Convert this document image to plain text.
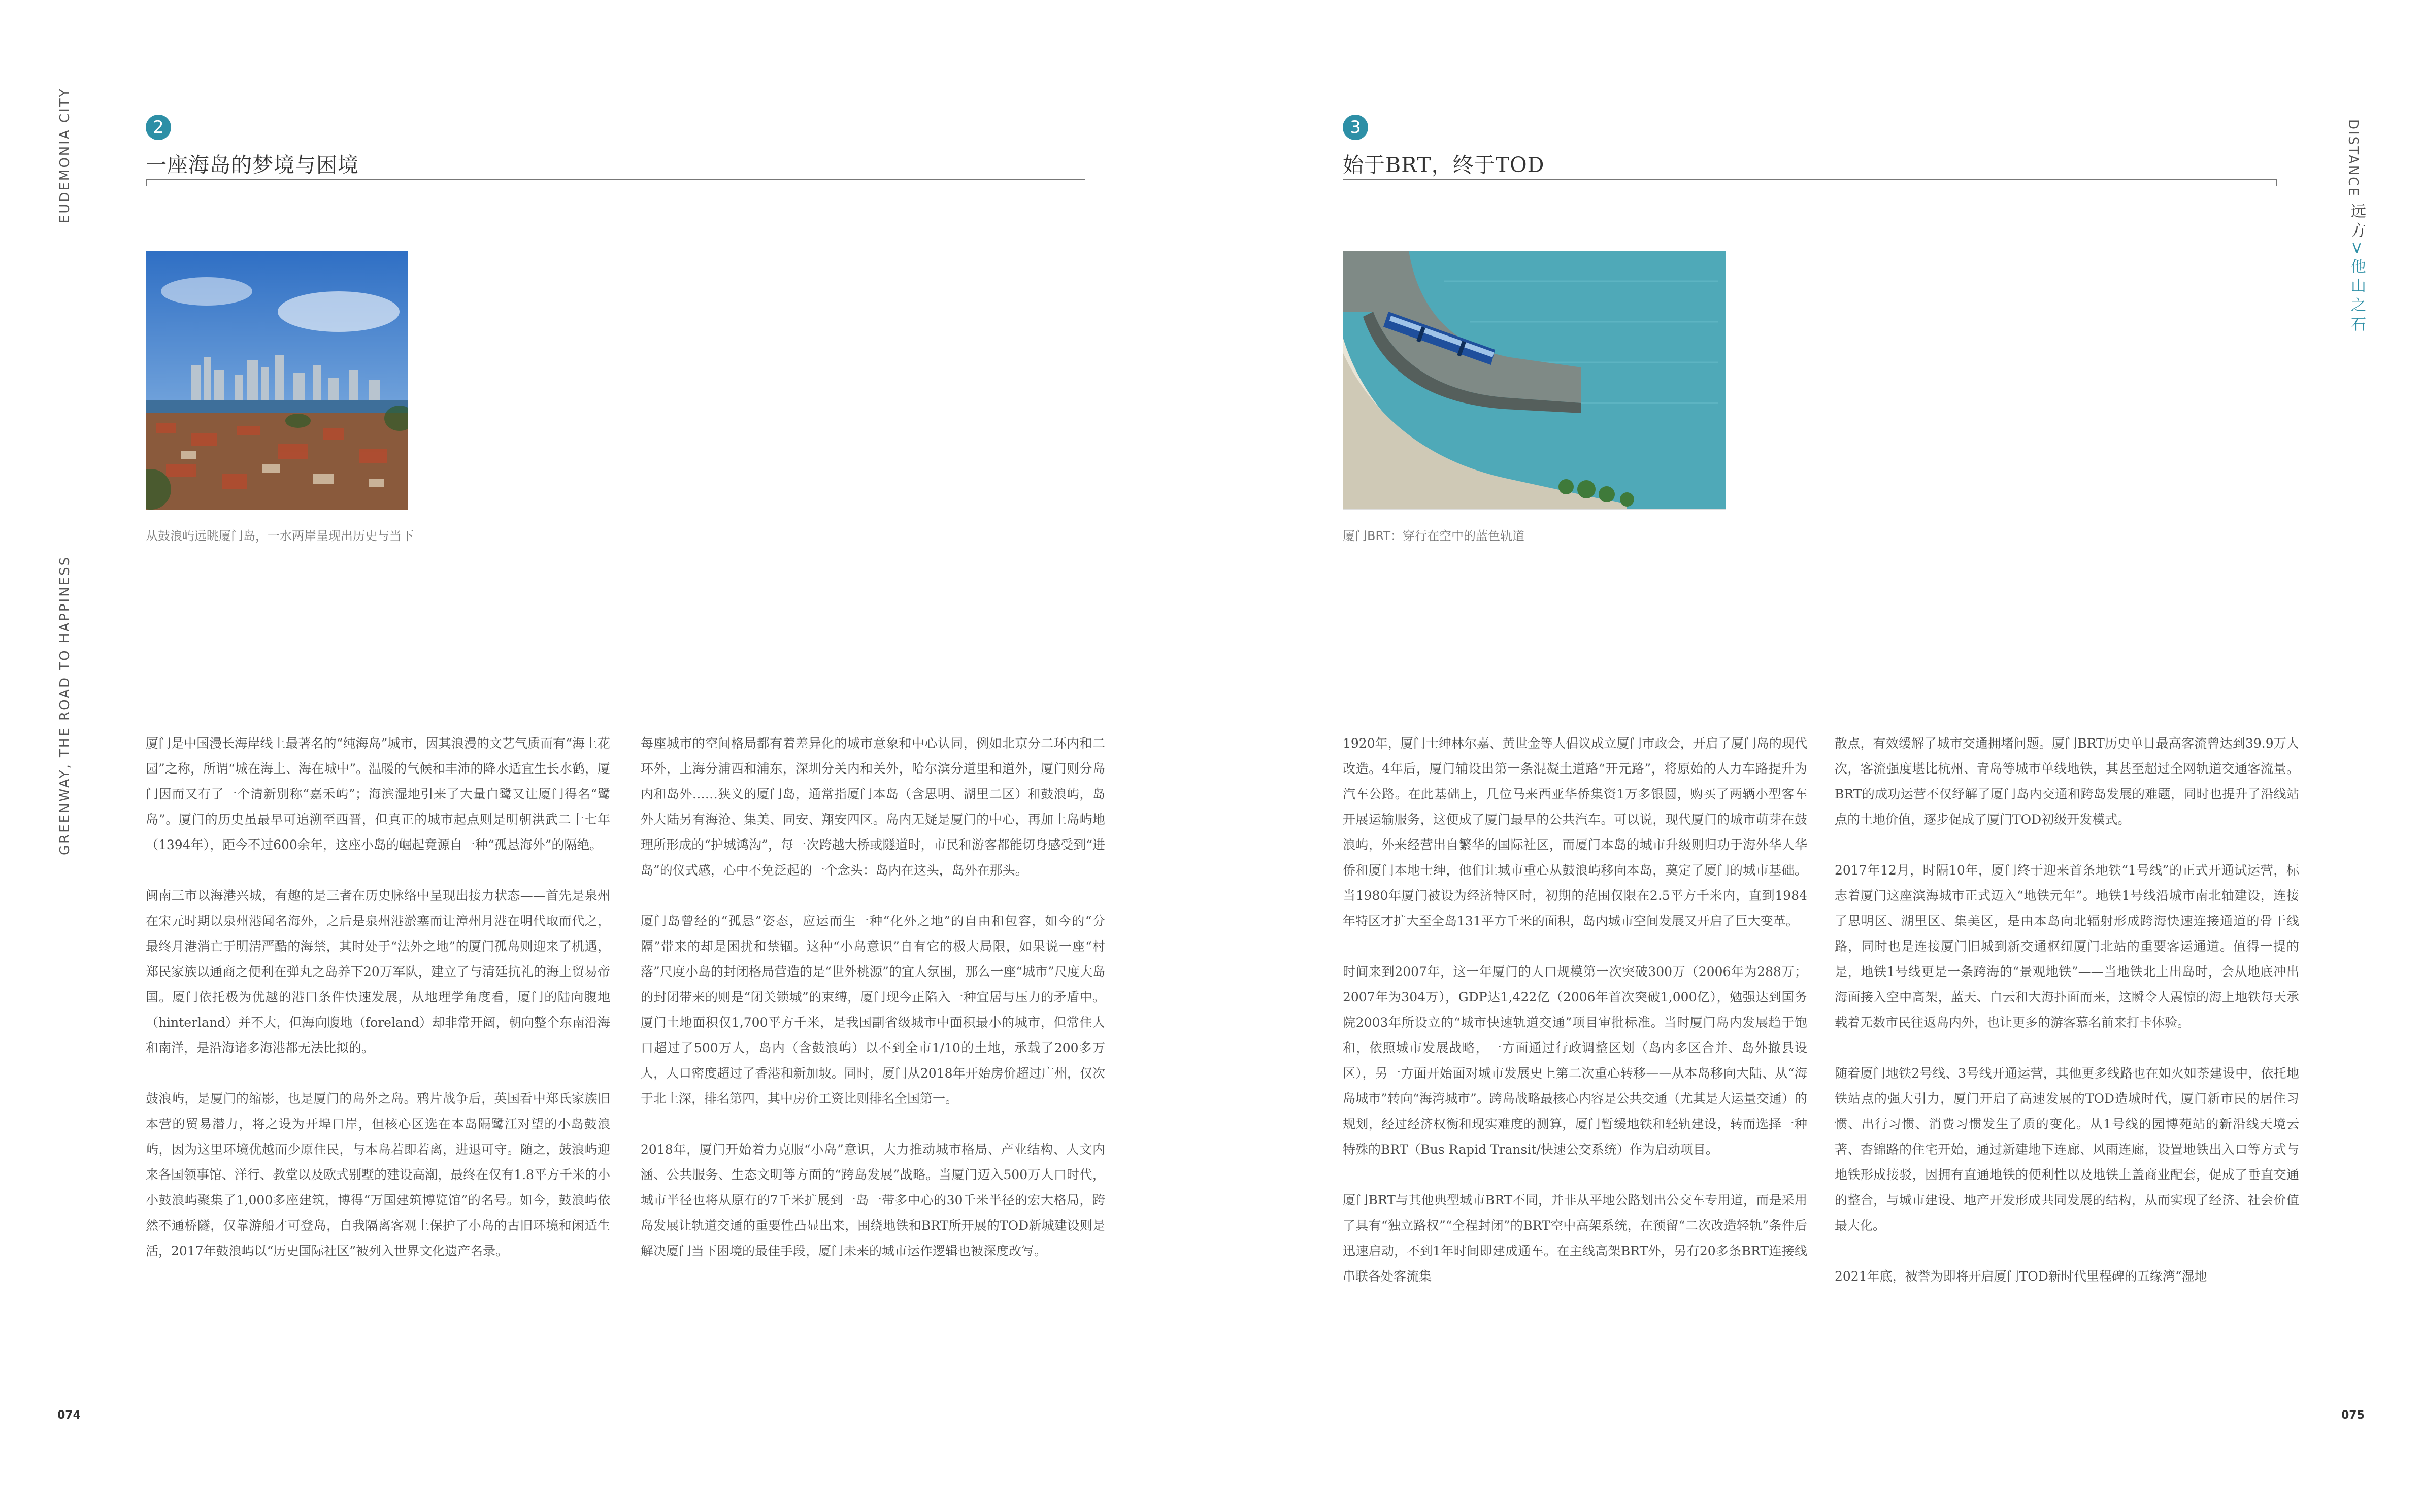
EUDEMONIA CITY
GREENWAY, THE ROAD TO HAPPINESS
2
一座海岛的梦境与困境
从鼓浪屿远眺厦门岛，一水两岸呈现出历史与当下

厦门是中国漫长海岸线上最著名的“纯海岛”城市，因其浪漫的文艺气质而有“海上花园”之称，所谓“城在海上、海在城中”。温暖的气候和丰沛的降水适宜生长水鹤，厦门因而又有了一个清新别称“嘉禾屿”；海滨湿地引来了大量白鹭又让厦门得名“鹭岛”。厦门的历史虽最早可追溯至西晋，但真正的城市起点则是明朝洪武二十七年（1394年），距今不过600余年，这座小岛的崛起竟源自一种“孤悬海外”的隔绝。

闽南三市以海港兴城，有趣的是三者在历史脉络中呈现出接力状态——首先是泉州在宋元时期以泉州港闻名海外，之后是泉州港淤塞而让漳州月港在明代取而代之，最终月港消亡于明清严酷的海禁，其时处于“法外之地”的厦门孤岛则迎来了机遇，郑民家族以通商之便利在弹丸之岛养下20万军队，建立了与清廷抗礼的海上贸易帝国。厦门依托极为优越的港口条件快速发展，从地理学角度看，厦门的陆向腹地（hinterland）并不大，但海向腹地（foreland）却非常开阔，朝向整个东南沿海和南洋，是沿海诸多海港都无法比拟的。

鼓浪屿，是厦门的缩影，也是厦门的岛外之岛。鸦片战争后，英国看中郑氏家族旧本营的贸易潜力，将之设为开埠口岸，但核心区选在本岛隔鹭江对望的小岛鼓浪屿，因为这里环境优越而少原住民，与本岛若即若离，进退可守。随之，鼓浪屿迎来各国领事馆、洋行、教堂以及欧式别墅的建设高潮，最终在仅有1.8平方千米的小小鼓浪屿聚集了1,000多座建筑，博得“万国建筑博览馆”的名号。如今，鼓浪屿依然不通桥隧，仅靠游船才可登岛，自我隔离客观上保护了小岛的古旧环境和闲适生活，2017年鼓浪屿以“历史国际社区”被列入世界文化遗产名录。

每座城市的空间格局都有着差异化的城市意象和中心认同，例如北京分二环内和二环外，上海分浦西和浦东，深圳分关内和关外，哈尔滨分道里和道外，厦门则分岛内和岛外……狭义的厦门岛，通常指厦门本岛（含思明、湖里二区）和鼓浪屿，岛外大陆另有海沧、集美、同安、翔安四区。岛内无疑是厦门的中心，再加上岛屿地理所形成的“护城鸿沟”，每一次跨越大桥或隧道时，市民和游客都能切身感受到“进岛”的仪式感，心中不免泛起的一个念头：岛内在这头，岛外在那头。

厦门岛曾经的“孤悬”姿态，应运而生一种“化外之地”的自由和包容，如今的“分隔”带来的却是困扰和禁锢。这种“小岛意识”自有它的极大局限，如果说一座“村落”尺度小岛的封闭格局营造的是“世外桃源”的宜人氛围，那么一座“城市”尺度大岛的封闭带来的则是“闭关锁城”的束缚，厦门现今正陷入一种宜居与压力的矛盾中。厦门土地面积仅1,700平方千米，是我国副省级城市中面积最小的城市，但常住人口超过了500万人，岛内（含鼓浪屿）以不到全市1/10的土地，承载了200多万人，人口密度超过了香港和新加坡。同时，厦门从2018年开始房价超过广州，仅次于北上深，排名第四，其中房价工资比则排名全国第一。

2018年，厦门开始着力克服“小岛”意识，大力推动城市格局、产业结构、人文内涵、公共服务、生态文明等方面的“跨岛发展”战略。当厦门迈入500万人口时代，城市半径也将从原有的7千米扩展到一岛一带多中心的30千米半径的宏大格局，跨岛发展让轨道交通的重要性凸显出来，围绕地铁和BRT所开展的TOD新城建设则是解决厦门当下困境的最佳手段，厦门未来的城市运作逻辑也被深度改写。

074
3
始于BRT，终于TOD
厦门BRT：穿行在空中的蓝色轨道

1920年，厦门士绅林尔嘉、黄世金等人倡议成立厦门市政会，开启了厦门岛的现代改造。4年后，厦门辅设出第一条混凝土道路“开元路”，将原始的人力车路提升为汽车公路。在此基础上，几位马来西亚华侨集资1万多银圆，购买了两辆小型客车开展运输服务，这便成了厦门最早的公共汽车。可以说，现代厦门的城市萌芽在鼓浪屿，外来经营出自繁华的国际社区，而厦门本岛的城市升级则归功于海外华人华侨和厦门本地士绅，他们让城市重心从鼓浪屿移向本岛，奠定了厦门的城市基础。当1980年厦门被设为经济特区时，初期的范围仅限在2.5平方千米内，直到1984年特区才扩大至全岛131平方千米的面积，岛内城市空间发展又开启了巨大变革。

时间来到2007年，这一年厦门的人口规模第一次突破300万（2006年为288万；2007年为304万），GDP达1,422亿（2006年首次突破1,000亿），勉强达到国务院2003年所设立的“城市快速轨道交通”项目审批标准。当时厦门岛内发展趋于饱和，依照城市发展战略，一方面通过行政调整区划（岛内多区合并、岛外撤县设区），另一方面开始面对城市发展史上第二次重心转移——从本岛移向大陆、从“海岛城市”转向“海湾城市”。跨岛战略最核心内容是公共交通（尤其是大运量交通）的规划，经过经济权衡和现实难度的测算，厦门暂缓地铁和轻轨建设，转而选择一种特殊的BRT（Bus Rapid Transit/快速公交系统）作为启动项目。

厦门BRT与其他典型城市BRT不同，并非从平地公路划出公交车专用道，而是采用了具有“独立路权”“全程封闭”的BRT空中高架系统，在预留“二次改造轻轨”条件后迅速启动，不到1年时间即建成通车。在主线高架BRT外，另有20多条BRT连接线串联各处客流集

散点，有效缓解了城市交通拥堵问题。厦门BRT历史单日最高客流曾达到39.9万人次，客流强度堪比杭州、青岛等城市单线地铁，其甚至超过全网轨道交通客流量。BRT的成功运营不仅纾解了厦门岛内交通和跨岛发展的难题，同时也提升了沿线站点的土地价值，逐步促成了厦门TOD初级开发模式。

2017年12月，时隔10年，厦门终于迎来首条地铁“1号线”的正式开通试运营，标志着厦门这座滨海城市正式迈入“地铁元年”。地铁1号线沿城市南北轴建设，连接了思明区、湖里区、集美区，是由本岛向北辐射形成跨海快速连接通道的骨干线路，同时也是连接厦门旧城到新交通枢纽厦门北站的重要客运通道。值得一提的是，地铁1号线更是一条跨海的“景观地铁”——当地铁北上出岛时，会从地底冲出海面接入空中高架，蓝天、白云和大海扑面而来，这瞬令人震惊的海上地铁每天承载着无数市民往返岛内外，也让更多的游客慕名前来打卡体验。

随着厦门地铁2号线、3号线开通运营，其他更多线路也在如火如荼建设中，依托地铁站点的强大引力，厦门开启了高速发展的TOD造城时代，厦门新市民的居住习惯、出行习惯、消费习惯发生了质的变化。从1号线的园博苑站的新沿线天境云著、杏锦路的住宅开始，通过新建地下连廊、风雨连廊，设置地铁出入口等方式与地铁形成接驳，因拥有直通地铁的便利性以及地铁上盖商业配套，促成了垂直交通的整合，与城市建设、地产开发形成共同发展的结构，从而实现了经济、社会价值最大化。

2021年底，被誉为即将开启厦门TOD新时代里程碑的五缘湾“湿地

DISTANCE
远方>他山之石
075
